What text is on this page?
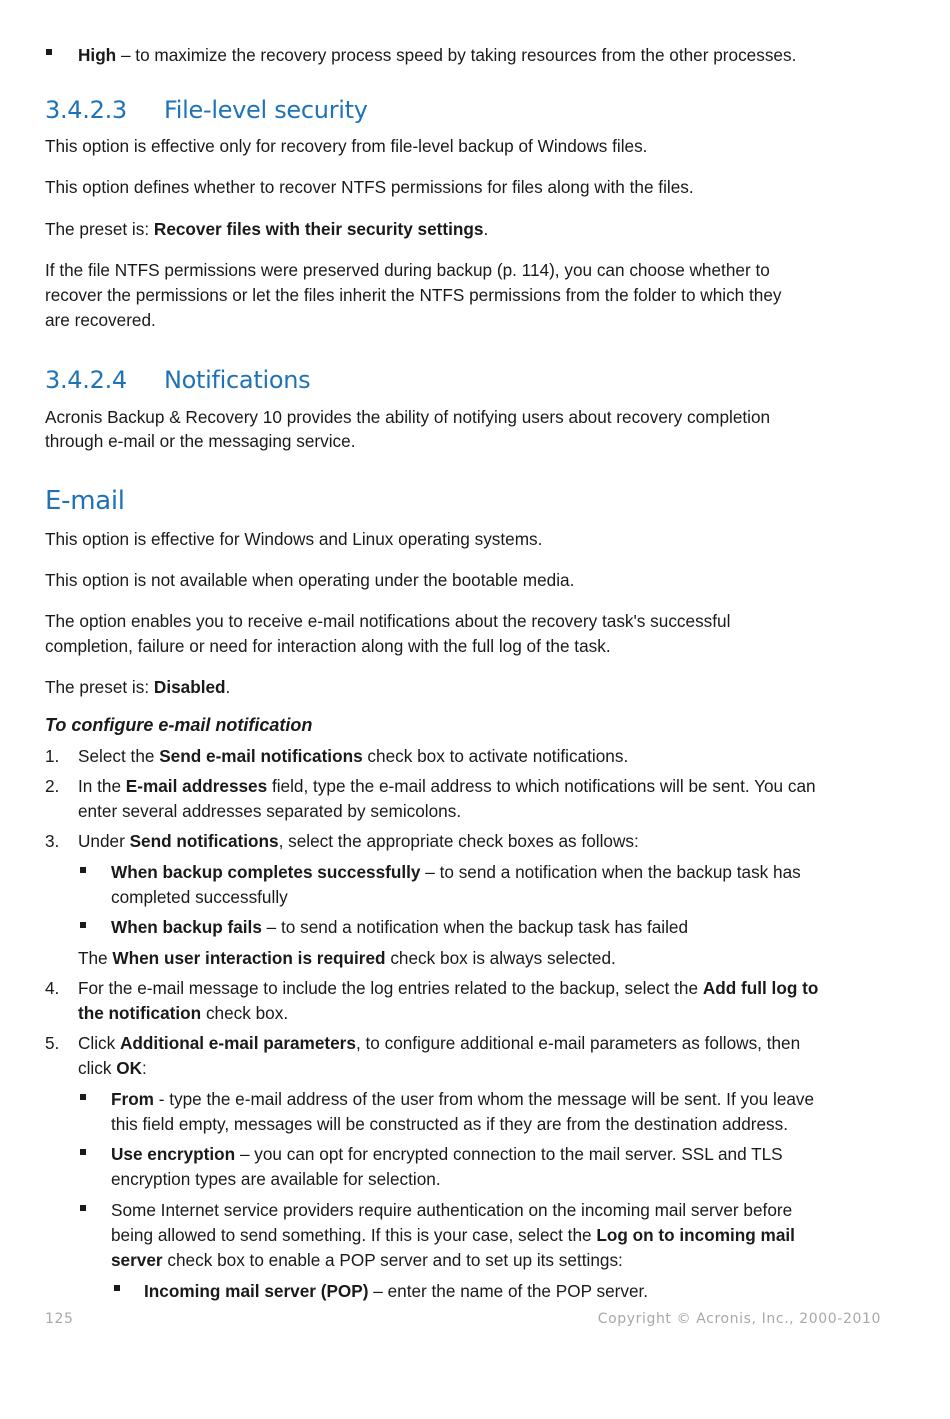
High – to maximize the recovery process speed by taking resources from the other processes.

3.4.2.3 File-level security

This option is effective only for recovery from file-level backup of Windows files.

This option defines whether to recover NTFS permissions for files along with the files.

The preset is: Recover files with their security settings.

If the file NTFS permissions were preserved during backup (p. 114), you can choose whether to

recover the permissions or let the files inherit the NTFS permissions from the folder to which they

are recovered.

3.4.2.4 Notifications

Acronis Backup & Recovery 10 provides the ability of notifying users about recovery completion

through e-mail or the messaging service.

E-mail

This option is effective for Windows and Linux operating systems.

This option is not available when operating under the bootable media.

The option enables you to receive e-mail notifications about the recovery task's successful

completion, failure or need for interaction along with the full log of the task.

The preset is: Disabled.

To configure e-mail notification

1. Select the Send e-mail notifications check box to activate notifications.

2. In the E-mail addresses field, type the e-mail address to which notifications will be sent. You can

enter several addresses separated by semicolons.

3. Under Send notifications, select the appropriate check boxes as follows:

When backup completes successfully – to send a notification when the backup task has

completed successfully

When backup fails – to send a notification when the backup task has failed

The When user interaction is required check box is always selected.

4. For the e-mail message to include the log entries related to the backup, select the Add full log to

the notification check box.

5. Click Additional e-mail parameters, to configure additional e-mail parameters as follows, then

click OK:

From - type the e-mail address of the user from whom the message will be sent. If you leave

this field empty, messages will be constructed as if they are from the destination address.

Use encryption – you can opt for encrypted connection to the mail server. SSL and TLS

encryption types are available for selection.

Some Internet service providers require authentication on the incoming mail server before

being allowed to send something. If this is your case, select the Log on to incoming mail

server check box to enable a POP server and to set up its settings:

Incoming mail server (POP) – enter the name of the POP server.

125	Copyright © Acronis, Inc., 2000-2010
